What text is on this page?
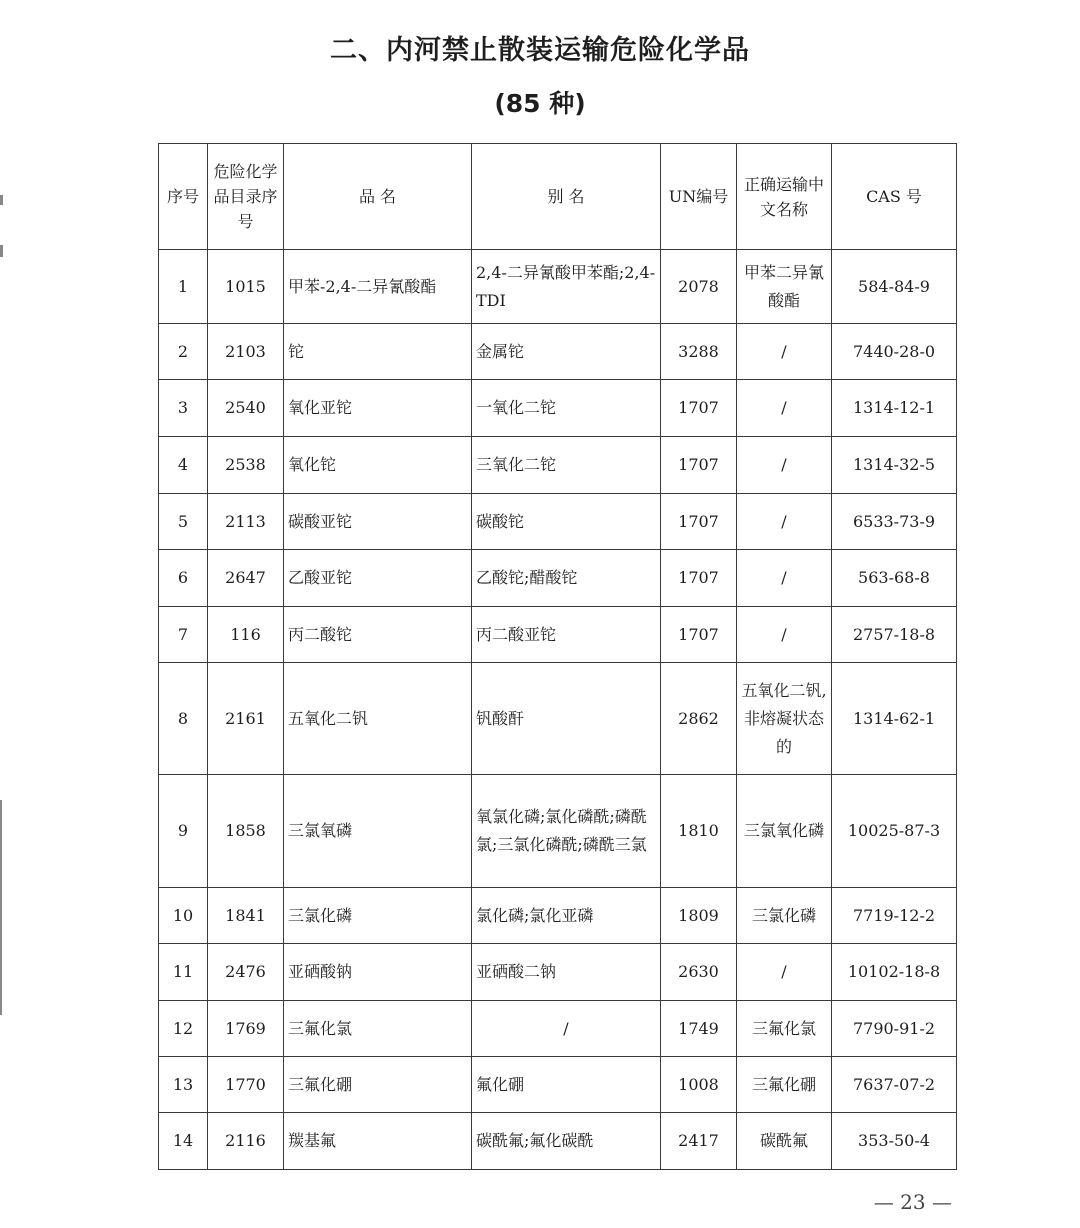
二、内河禁止散装运输危险化学品
(85 种)
序号	危险化学品目录序号	品 名	别 名	UN编号	正确运输中文名称	CAS 号
1	1015	甲苯-2,4-二异氰酸酯	2,4-二异氰酸甲苯酯;2,4-TDI	2078	甲苯二异氰酸酯	584-84-9
2	2103	铊	金属铊	3288	/	7440-28-0
3	2540	氧化亚铊	一氧化二铊	1707	/	1314-12-1
4	2538	氧化铊	三氧化二铊	1707	/	1314-32-5
5	2113	碳酸亚铊	碳酸铊	1707	/	6533-73-9
6	2647	乙酸亚铊	乙酸铊;醋酸铊	1707	/	563-68-8
7	116	丙二酸铊	丙二酸亚铊	1707	/	2757-18-8
8	2161	五氧化二钒	钒酸酐	2862	五氧化二钒,非熔凝状态的	1314-62-1
9	1858	三氯氧磷	氧氯化磷;氯化磷酰;磷酰氯;三氯化磷酰;磷酰三氯	1810	三氯氧化磷	10025-87-3
10	1841	三氯化磷	氯化磷;氯化亚磷	1809	三氯化磷	7719-12-2
11	2476	亚硒酸钠	亚硒酸二钠	2630	/	10102-18-8
12	1769	三氟化氯	/	1749	三氟化氯	7790-91-2
13	1770	三氟化硼	氟化硼	1008	三氟化硼	7637-07-2
14	2116	羰基氟	碳酰氟;氟化碳酰	2417	碳酰氟	353-50-4
— 23 —
